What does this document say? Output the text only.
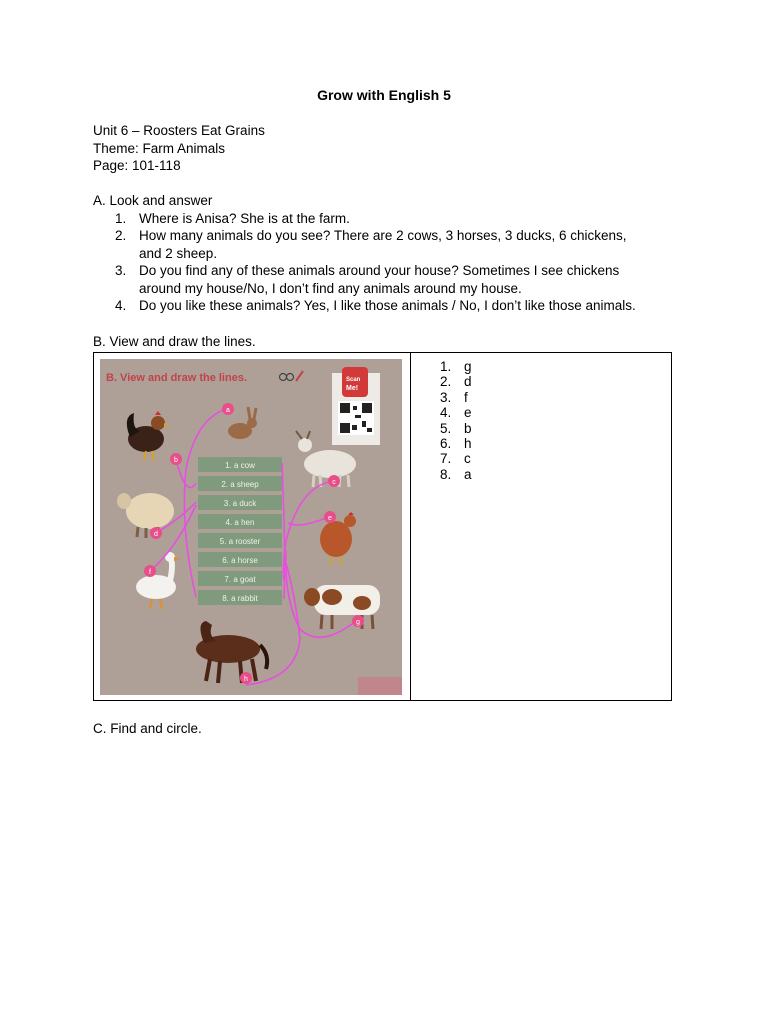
Grow with English 5
Unit 6 – Roosters Eat Grains
Theme: Farm Animals
Page: 101-118
A. Look and answer
1. Where is Anisa? She is at the farm.
2. How many animals do you see? There are 2 cows, 3 horses, 3 ducks, 6 chickens,
and 2 sheep.
3. Do you find any of these animals around your house? Sometimes I see chickens
around my house/No, I don’t find any animals around my house.
4. Do you like these animals? Yes, I like those animals / No, I don’t like those animals.
B. View and draw the lines.
B. View and draw the lines.	Scan
Me!
1. a cow
2. a sheep
3. a duck
4. a hen
5. a rooster
6. a horse
7. a goat
8. a rabbit
a
b
c
d
e
f
g
h
1. g
2. d
3. f
4. e
5. b
6. h
7. c
8. a
C. Find and circle.
